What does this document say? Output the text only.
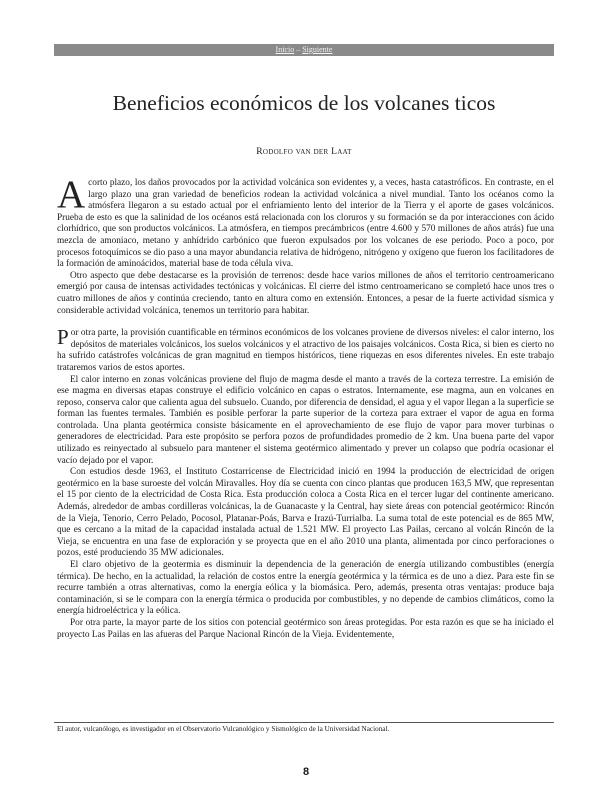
Inicio – Siguiente
Beneficios económicos de los volcanes ticos
Rodolfo van der Laat

A corto plazo, los daños provocados por la actividad volcánica son evidentes y, a veces, hasta catastróficos. En contraste, en el largo plazo una gran variedad de beneficios rodean la actividad volcánica a nivel mundial. Tanto los océanos como la atmósfera llegaron a su estado actual por el enfriamiento lento del interior de la Tierra y el aporte de gases volcánicos. Prueba de esto es que la salinidad de los océanos está relacionada con los cloruros y su formación se da por interacciones con ácido clorhídrico, que son productos volcánicos. La atmósfera, en tiempos precámbricos (entre 4.600 y 570 millones de años atrás) fue una mezcla de amoniaco, metano y anhídrido carbónico que fueron expulsados por los volcanes de ese periodo. Poco a poco, por procesos fotoquímicos se dio paso a una mayor abundancia relativa de hidrógeno, nitrógeno y oxígeno que fueron los facilitadores de la formación de aminoácidos, material base de toda célula viva.

Otro aspecto que debe destacarse es la provisión de terrenos: desde hace varios millones de años el territorio centroamericano emergió por causa de intensas actividades tectónicas y volcánicas. El cierre del istmo centroamericano se completó hace unos tres o cuatro millones de años y continúa creciendo, tanto en altura como en extensión. Entonces, a pesar de la fuerte actividad sísmica y considerable actividad volcánica, tenemos un territorio para habitar.

Por otra parte, la provisión cuantificable en términos económicos de los volcanes proviene de diversos niveles: el calor interno, los depósitos de materiales volcánicos, los suelos volcánicos y el atractivo de los paisajes volcánicos. Costa Rica, si bien es cierto no ha sufrido catástrofes volcánicas de gran magnitud en tiempos históricos, tiene riquezas en esos diferentes niveles. En este trabajo trataremos varios de estos aportes.

El calor interno en zonas volcánicas proviene del flujo de magma desde el manto a través de la corteza terrestre. La emisión de ese magma en diversas etapas construye el edificio volcánico en capas o estratos. Internamente, ese magma, aun en volcanes en reposo, conserva calor que calienta agua del subsuelo. Cuando, por diferencia de densidad, el agua y el vapor llegan a la superficie se forman las fuentes termales. También es posible perforar la parte superior de la corteza para extraer el vapor de agua en forma controlada. Una planta geotérmica consiste básicamente en el aprovechamiento de ese flujo de vapor para mover turbinas o generadores de electricidad. Para este propósito se perfora pozos de profundidades promedio de 2 km. Una buena parte del vapor utilizado es reinyectado al subsuelo para mantener el sistema geotérmico alimentado y prever un colapso que podría ocasionar el vacío dejado por el vapor.

Con estudios desde 1963, el Instituto Costarricense de Electricidad inició en 1994 la producción de electricidad de origen geotérmico en la base suroeste del volcán Miravalles. Hoy día se cuenta con cinco plantas que producen 163,5 MW, que representan el 15 por ciento de la electricidad de Costa Rica. Esta producción coloca a Costa Rica en el tercer lugar del continente americano. Además, alrededor de ambas cordilleras volcánicas, la de Guanacaste y la Central, hay siete áreas con potencial geotérmico: Rincón de la Vieja, Tenorio, Cerro Pelado, Pocosol, Platanar-Poás, Barva e Irazú-Turrialba. La suma total de este potencial es de 865 MW, que es cercano a la mitad de la capacidad instalada actual de 1.521 MW. El proyecto Las Pailas, cercano al volcán Rincón de la Vieja, se encuentra en una fase de exploración y se proyecta que en el año 2010 una planta, alimentada por cinco perforaciones o pozos, esté produciendo 35 MW adicionales.

El claro objetivo de la geotermia es disminuir la dependencia de la generación de energía utilizando combustibles (energía térmica). De hecho, en la actualidad, la relación de costos entre la energía geotérmica y la térmica es de uno a diez. Para este fin se recurre también a otras alternativas, como la energía eólica y la biomásica. Pero, además, presenta otras ventajas: produce baja contaminación, si se le compara con la energía térmica o producida por combustibles, y no depende de cambios climáticos, como la energía hidroeléctrica y la eólica.

Por otra parte, la mayor parte de los sitios con potencial geotérmico son áreas protegidas. Por esta razón es que se ha iniciado el proyecto Las Pailas en las afueras del Parque Nacional Rincón de la Vieja. Evidentemente,

El autor, vulcanólogo, es investigador en el Observatorio Vulcanológico y Sismológico de la Universidad Nacional.
8
